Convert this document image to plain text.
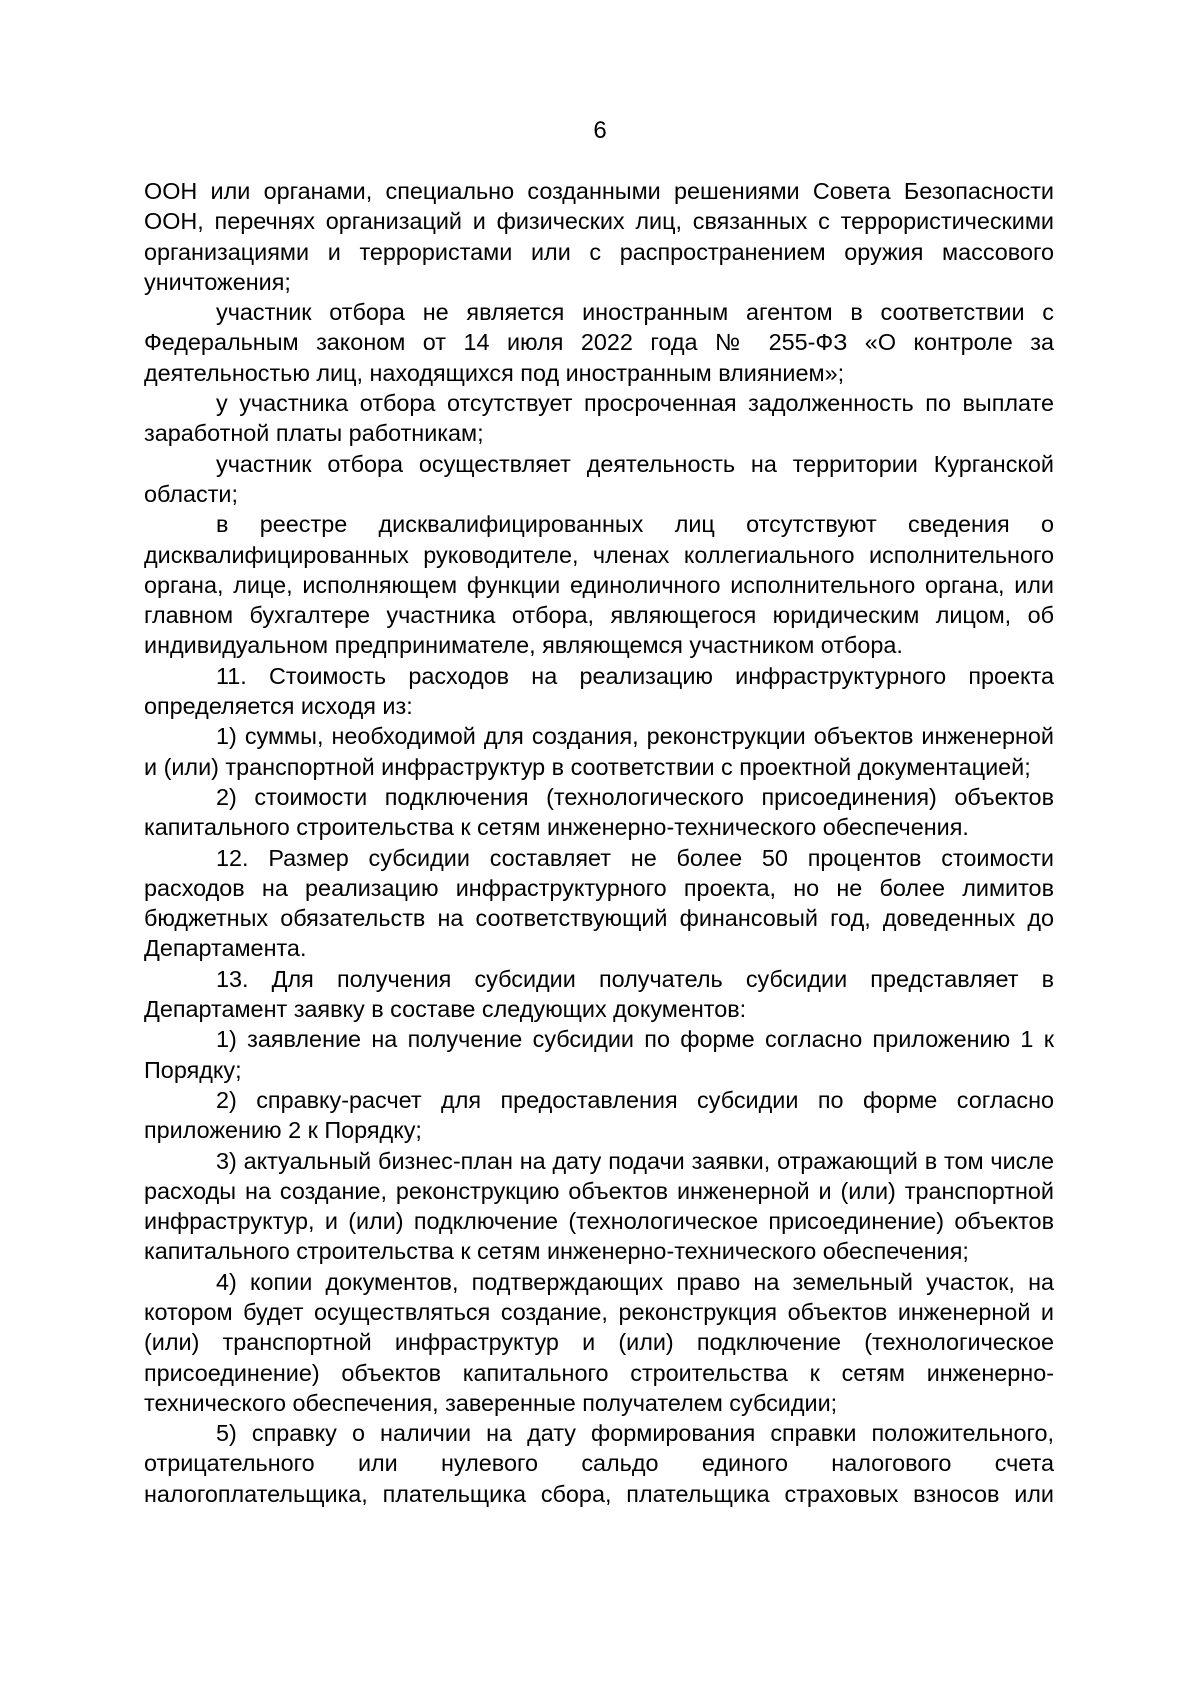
6

ООН или органами, специально созданными решениями Совета Безопасности ООН, перечнях организаций и физических лиц, связанных с террористическими организациями и террористами или с распространением оружия массового уничтожения;

участник отбора не является иностранным агентом в соответствии с Федеральным законом от 14 июля 2022 года № 255-ФЗ «О контроле за деятельностью лиц, находящихся под иностранным влиянием»;

у участника отбора отсутствует просроченная задолженность по выплате заработной платы работникам;

участник отбора осуществляет деятельность на территории Курганской области;

в реестре дисквалифицированных лиц отсутствуют сведения о дисквалифицированных руководителе, членах коллегиального исполнительного органа, лице, исполняющем функции единоличного исполнительного органа, или главном бухгалтере участника отбора, являющегося юридическим лицом, об индивидуальном предпринимателе, являющемся участником отбора.

11. Стоимость расходов на реализацию инфраструктурного проекта определяется исходя из:

1) суммы, необходимой для создания, реконструкции объектов инженерной и (или) транспортной инфраструктур в соответствии с проектной документацией;

2) стоимости подключения (технологического присоединения) объектов капитального строительства к сетям инженерно-технического обеспечения.

12. Размер субсидии составляет не более 50 процентов стоимости расходов на реализацию инфраструктурного проекта, но не более лимитов бюджетных обязательств на соответствующий финансовый год, доведенных до Департамента.

13. Для получения субсидии получатель субсидии представляет в Департамент заявку в составе следующих документов:

1) заявление на получение субсидии по форме согласно приложению 1 к Порядку;

2) справку-расчет для предоставления субсидии по форме согласно приложению 2 к Порядку;

3) актуальный бизнес-план на дату подачи заявки, отражающий в том числе расходы на создание, реконструкцию объектов инженерной и (или) транспортной инфраструктур, и (или) подключение (технологическое присоединение) объектов капитального строительства к сетям инженерно-технического обеспечения;

4) копии документов, подтверждающих право на земельный участок, на котором будет осуществляться создание, реконструкция объектов инженерной и (или) транспортной инфраструктур и (или) подключение (технологическое присоединение) объектов капитального строительства к сетям инженерно-технического обеспечения, заверенные получателем субсидии;

5) справку о наличии на дату формирования справки положительного, отрицательного или нулевого сальдо единого налогового счета налогоплательщика, плательщика сбора, плательщика страховых взносов или
